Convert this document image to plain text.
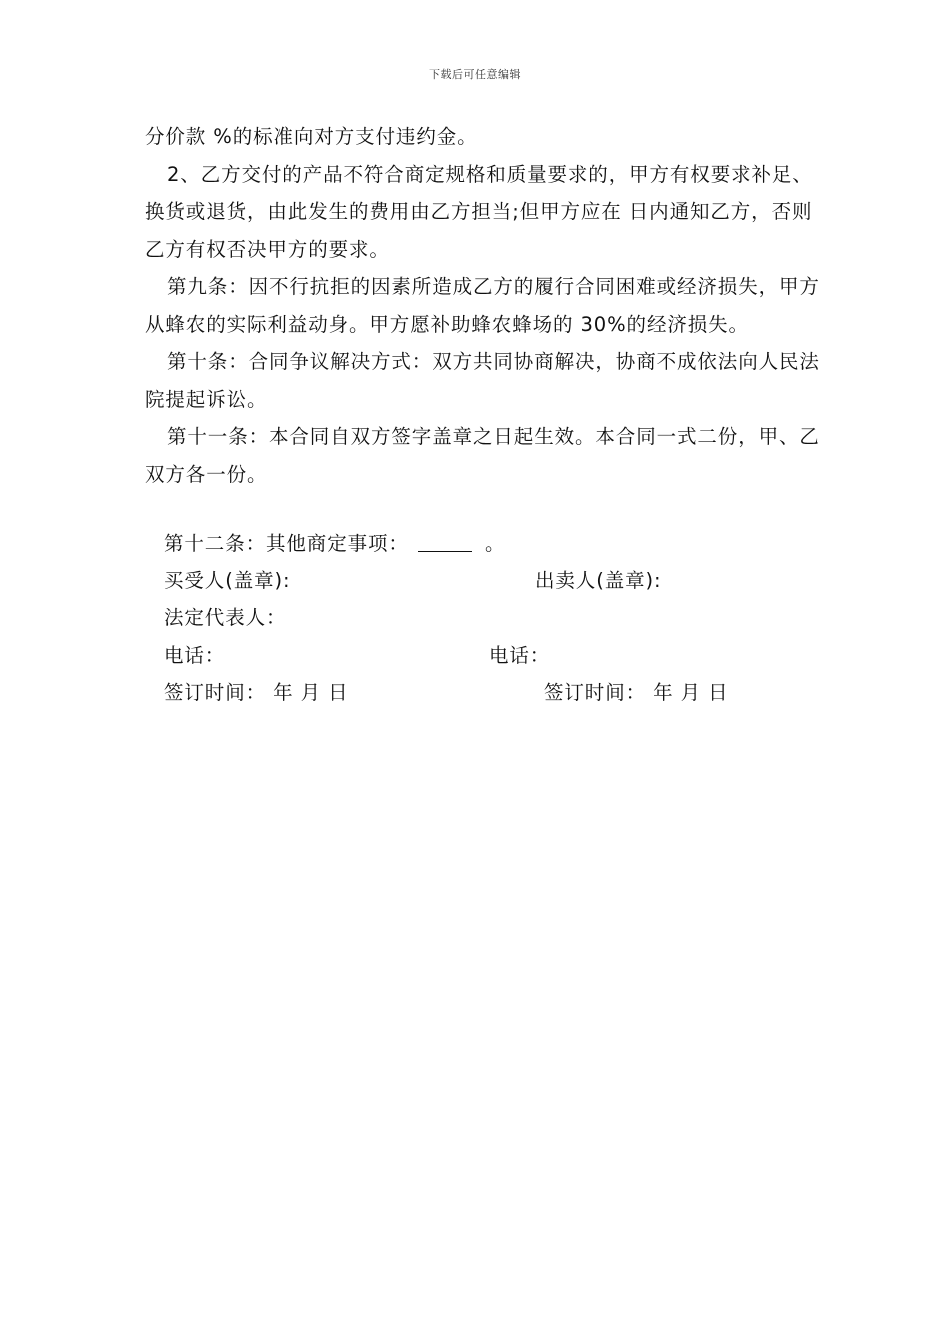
下载后可任意编辑

分价款 %的标准向对方支付违约金。

2、乙方交付的产品不符合商定规格和质量要求的，甲方有权要求补足、换货或退货，由此发生的费用由乙方担当;但甲方应在 日内通知乙方，否则乙方有权否决甲方的要求。

第九条：因不行抗拒的因素所造成乙方的履行合同困难或经济损失，甲方从蜂农的实际利益动身。甲方愿补助蜂农蜂场的 30%的经济损失。

第十条：合同争议解决方式：双方共同协商解决，协商不成依法向人民法院提起诉讼。

第十一条：本合同自双方签字盖章之日起生效。本合同一式二份，甲、乙双方各一份。

第十二条：其他商定事项：	。
买受人(盖章):	出卖人(盖章):
法定代表人：
电话：	电话：
签订时间： 年 月 日	签订时间： 年 月 日
